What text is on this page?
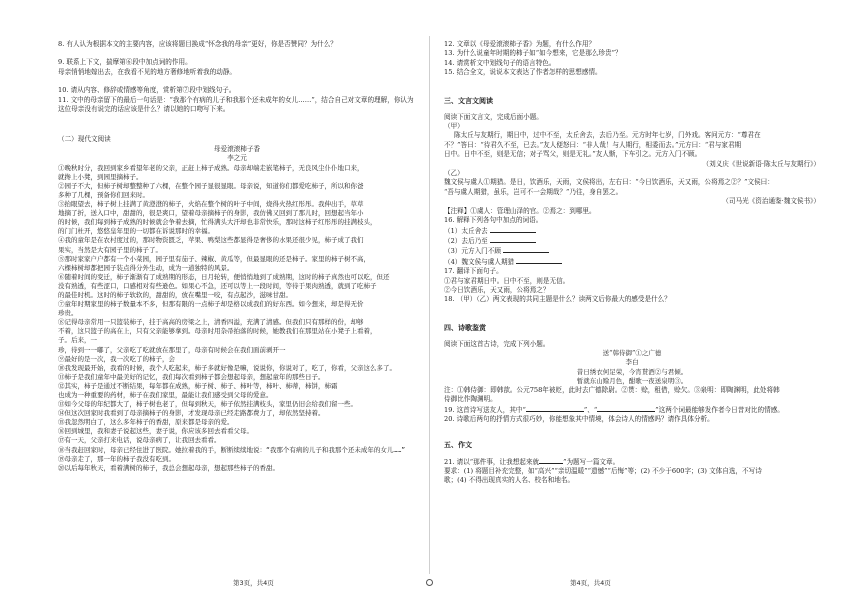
8. 有人认为根据本文的主要内容，应该将题目换成“怀念我的母亲”更好，你是否赞同？为什么？

9. 联系上下文，揣摩第⑥段中加点词的作用。

母亲悄悄地嫁出去，在我看不见的地方奢修地听着我的动静。

10. 请从内容、修辞或情感等角度，赏析第⑦段中划线句子。

11. 文中的母亲留下的最后一句话是：“我那个有病的儿子和我那个还未成年的女儿……”，结合自己对文章的理解，你认为这位母亲没有说完的话应该是什么？请以她的口吻写下来。

（二）现代文阅读

母爱滚滚柿子香

李之元

①晚秋时分，我回到家乡看望年老的父亲，正赶上柿子成熟。母亲却端走嵌笔柿子，无良风尘仆仆地口来，

就搀上小凳，到园里摘柿子。

②园子不大，但柿子树却整整种了六棵，在整个园子显很显眼。母亲说，知道你们都爱吃柿子，所以和你爸

多种了几棵，预备你们回来时。

③抬眼望去，柿子树上挂满了黄澄澄的柿子，火焰在整个树的叶子中间，烧得火热红彤彤。我伸出手，草草

地摘了折，送入口中，甜甜的，很是爽口，望着母亲摘柿子的身影，我仿佛又回到了那儿时，回想起当年小

的时候，我们每到柿子成熟的时候就会争着去摘，忙得满头大汗却也非常快乐，那时这柿子红彤彤的挂满枝头，

的门门杜开，悠悠皇年里的一切都在诉说那时的幸福。

④我的童年是在农村度过的，那时物资匮乏，苹果、鸭梨这些都显得是奢侈的水果还很少见，柿子成了我们

果实，当然是大有园子里的柿子了。

⑤那时家家户户都有一个小菜园，园子里有茄子、辣椒、黄瓜等，但最显眼的还是柿子。家里的柿子树不高，

六棵柿树却都把园子装点得分外生动，成为一道独特的风景。

⑥随着时间的变迁，柿子渐渐有了成熟期的形态，日月轮转，便悄悄地到了成熟期，这时的柿子真然也可以吃，但还

没有熟透，有些涩口，口感相对有些逊色。如果心不急，还可以等上一段时间，等待于果肉熟透，就到了吃柿子

的最佳时机。这时的柿子软软的，甜甜的，放在嘴里一咬，有点起沙，滋味甘甜。

⑦童年时期家里的柿子数量本不多，但那有限的一点柿子却是格以成我们的好东西。如今想来，却是得无价

珍贵。

⑧记得母亲常用一只篮装柿子，挂于高高的房梁之上，清香四溢，充满了清感。但我们只有那样的份，却够

不着，这只篮子的高在上，只有父亲能够拿到。母亲时用杂帚拍落的时候，她教我们在那里站在小凳子上看着，

子。后来，一

珍，待到一一嘟了，父亲吃了吃就放在那里了，母亲有时候会在我们面前剥开一

⑨最好的是一次，我一次吃了的柿子，会

⑩我发现最开始，我看的时候，我个人吃起来，柿子多就好像是嘛，说说你，你说对了，吃了，你看，父亲这么多了。

⑪柿子是我们童年中最美好的记忆，我们每次看到柿子都会想起母亲，想起童年的那些日子。

⑫其实，柿子是通过不断结果，每年都在成熟，柿子树、柿子、柿叶等，柿叶、柿蒂，柿饼，柿霜

也成为一种重要的药材，柿子在我们家里，最能让我们感受到父母的爱意。

⑬如今父母的年纪都大了，柿子树也老了，但每到秋天，柿子依然挂满枝头，家里仍旧会给我们留一些。

⑭但这次回家时我看到了母亲摘柿子的身影，才发现母亲已经走路都费力了，却依然坚持着。

⑮我忽然明白了，这么多年柿子的香甜，原来都是母亲的爱。

⑯回到城里，我和妻子说起这些，妻子说，你应该多回去看看父母。

⑰有一天，父亲打来电话，说母亲病了，让我回去看看。

⑱当我赶回家时，母亲已经住进了医院。她拉着我的手，断断续续地说：“我那个有病的儿子和我那个还未成年的女儿……”

⑲母亲走了，那一年的柿子我没有吃到。

⑳以后每年秋天，看着满树的柿子，我总会想起母亲，想起那些柿子的香甜。

12. 文章以《母爱滚滚柿子香》为题，有什么作用？

13. 为什么说童年时期的柿子如“如今想来，它是那么珍贵”？

14. 请赏析文中划线句子的语言特色。

15. 结合全文，说说本文表达了作者怎样的思想感情。

三、文言文阅读

阅读下面文言文，完成后面小题。

（甲）

陈太丘与友期行，期日中，过中不至，太丘舍去，去后乃至。元方时年七岁，门外戏。客问元方：“尊君在

不？”答曰：“待君久不至，已去。”友人便怒曰：“非人哉！与人期行，相委而去。”元方曰：“君与家君期

日中。日中不至，则是无信；对子骂父，则是无礼。”友人惭，下车引之。元方入门不顾。

（刘义庆《世说新语·陈太丘与友期行》）

（乙）

魏文侯与虞人①期猎。是日，饮酒乐，天雨，文侯将出，左右曰：“今日饮酒乐，天又雨，公将焉之②？”文侯曰：

“吾与虞人期猎，虽乐，岂可不一会期哉？”乃往，身自罢之。

（司马光《资治通鉴·魏文侯书》）

【注释】①虞人：管理山泽的官。②焉之：到哪里。

16. 解释下列各句中加点的词语。

（1）太丘舍去

（2）去后乃至

（3）元方入门不顾

（4）魏文侯与虞人期猎

17. 翻译下面句子。

①君与家君期日中。日中不至，则是无信。

②今日饮酒乐，天又雨，公将焉之？

18. （甲）（乙）两文表现的共同主题是什么？读两文后你最大的感受是什么？

四、诗歌鉴赏

阅读下面这首古诗，完成下列小题。

送“韩侍御”①之广德

李白

昔日绣衣何足荣，今宵贳酒②与君倾。

暂就东山赊月色，酣歌一夜送泉明③。

注：①韩侍御：即韩歆。公元758年被贬，此时去广德除尉。②贳：赊，租借，赊欠。③泉明：即陶渊明，此处将韩

侍御比作陶渊明。

19. 这首诗写送友人，其中“	”、“	”这两个词最能够发作者今日昔对比的情感。

20. 诗歌后两句的抒情方式很巧妙，你能想象其中情境，体会诗人的情感吗？请作具体分析。

五、作文

21. 请以“那件事，让我想起来就	”为题写一篇文章。

要求：(1) 将题目补充完整，如“高兴”“亲切温暖”“遗憾”“后悔”等；(2) 不少于600字；(3) 文体自选，不写诗

歌；(4) 不得出现真实的人名、校名和地名。

第3页，共4页	第4页，共4页
